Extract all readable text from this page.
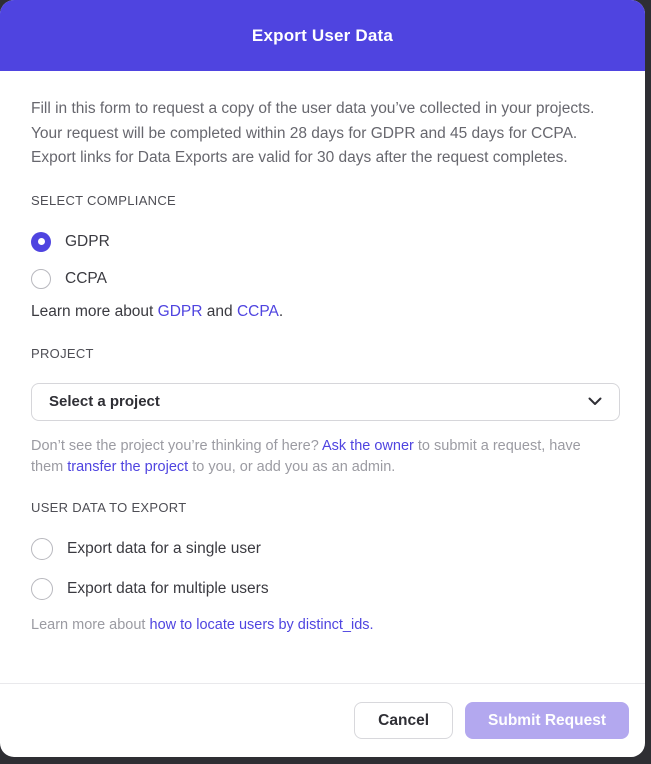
Export User Data

Fill in this form to request a copy of the user data you’ve collected in your projects. Your request will be completed within 28 days for GDPR and 45 days for CCPA. Export links for Data Exports are valid for 30 days after the request completes.

SELECT COMPLIANCE
GDPR
CCPA
Learn more about GDPR and CCPA.
PROJECT
Select a project
Don’t see the project you’re thinking of here? Ask the owner to submit a request, have them transfer the project to you, or add you as an admin.
USER DATA TO EXPORT
Export data for a single user
Export data for multiple users
Learn more about how to locate users by distinct_ids.
Cancel	Submit Request
